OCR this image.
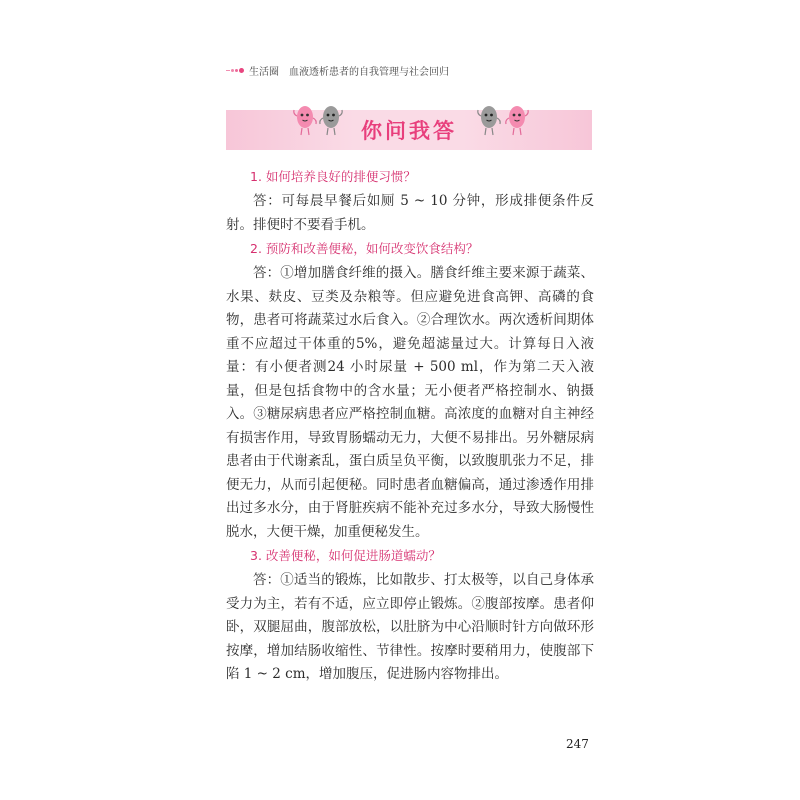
生活圈 血液透析患者的自我管理与社会回归
你问我答

1. 如何培养良好的排便习惯？

答：可每晨早餐后如厕 5 ~ 10 分钟，形成排便条件反射。排便时不要看手机。

2. 预防和改善便秘，如何改变饮食结构？

答：①增加膳食纤维的摄入。膳食纤维主要来源于蔬菜、水果、麸皮、豆类及杂粮等。但应避免进食高钾、高磷的食物，患者可将蔬菜过水后食入。②合理饮水。两次透析间期体重不应超过干体重的5%，避免超滤量过大。计算每日入液量：有小便者测24 小时尿量 + 500 ml，作为第二天入液量，但是包括食物中的含水量；无小便者严格控制水、钠摄入。③糖尿病患者应严格控制血糖。高浓度的血糖对自主神经有损害作用，导致胃肠蠕动无力，大便不易排出。另外糖尿病患者由于代谢紊乱，蛋白质呈负平衡，以致腹肌张力不足，排便无力，从而引起便秘。同时患者血糖偏高，通过渗透作用排出过多水分，由于肾脏疾病不能补充过多水分，导致大肠慢性脱水，大便干燥，加重便秘发生。

3. 改善便秘，如何促进肠道蠕动？

答：①适当的锻炼，比如散步、打太极等，以自己身体承受力为主，若有不适，应立即停止锻炼。②腹部按摩。患者仰卧，双腿屈曲，腹部放松，以肚脐为中心沿顺时针方向做环形按摩，增加结肠收缩性、节律性。按摩时要稍用力，使腹部下陷 1 ~ 2 cm，增加腹压，促进肠内容物排出。

247
